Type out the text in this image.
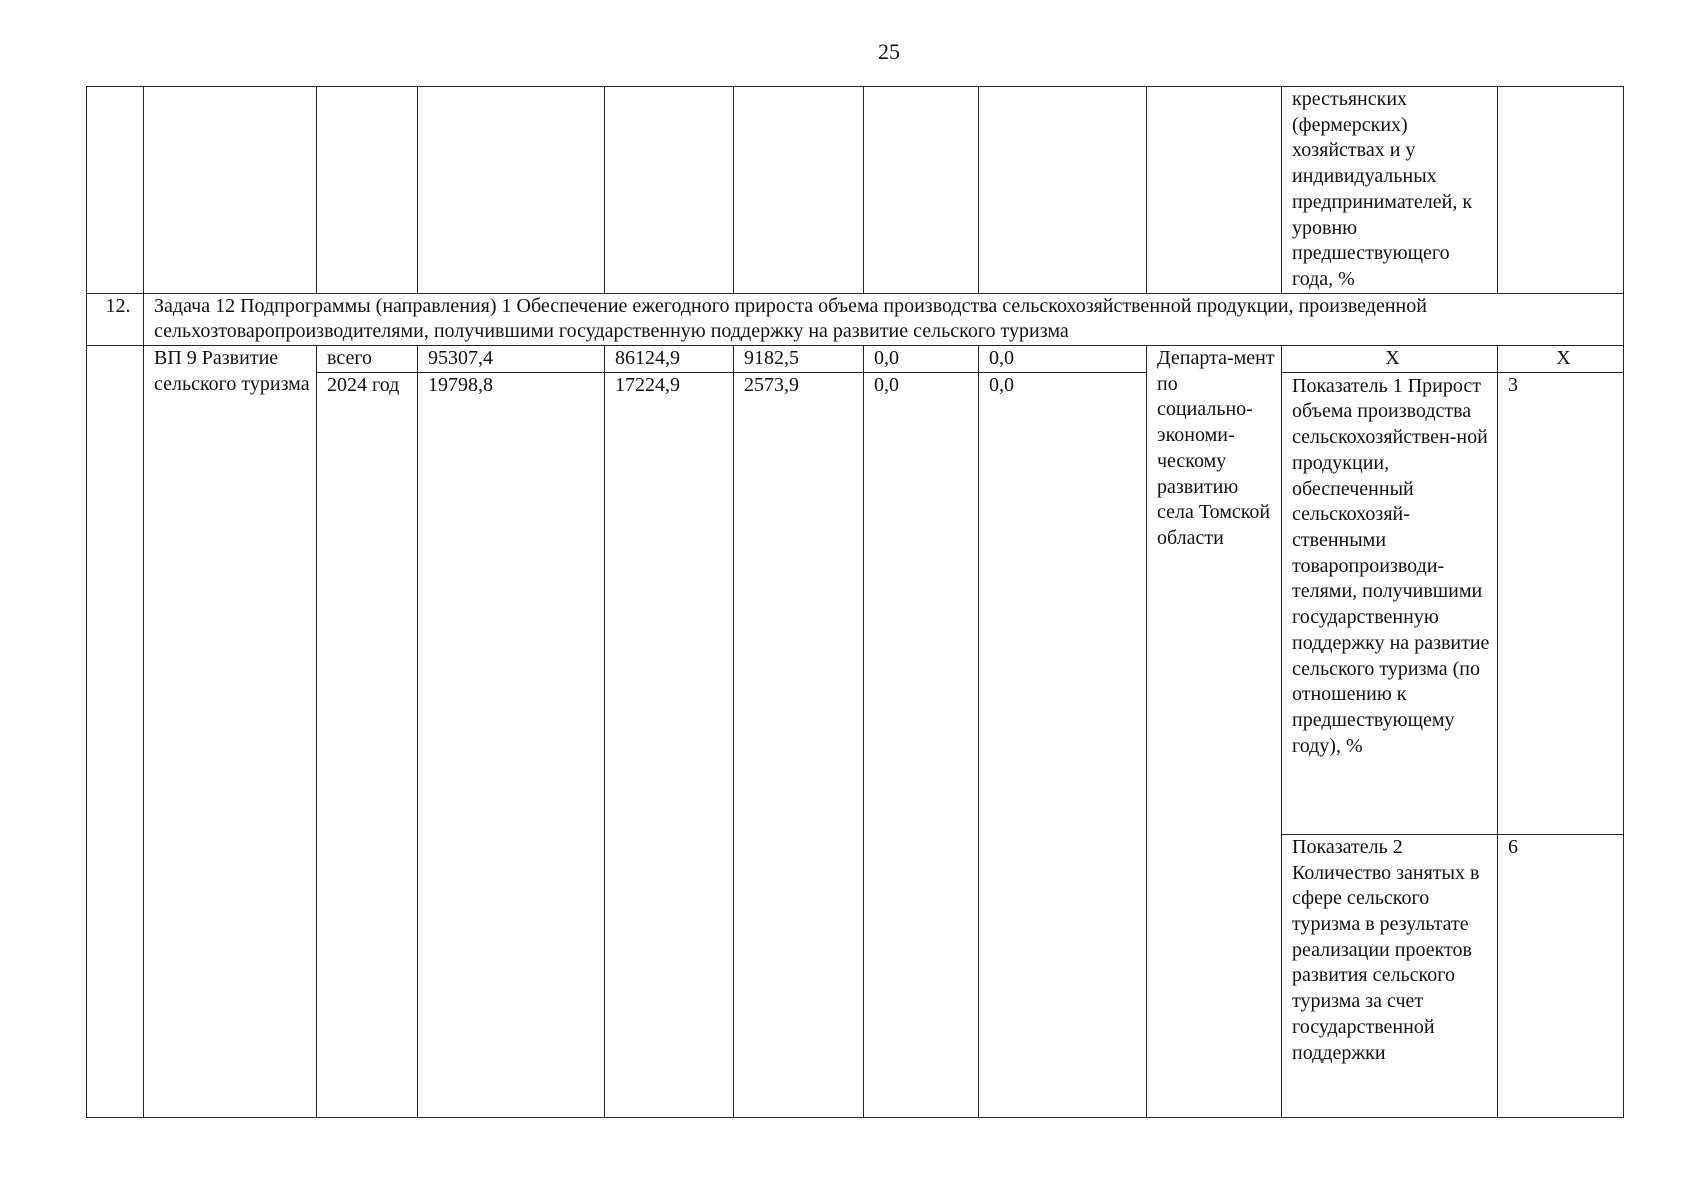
25

									крестьянских (фермерских) хозяйствах и у индивидуальных предпринимателей, к уровню предшествующего года, %	

12.	Задача 12 Подпрограммы (направления) 1 Обеспечение ежегодного прироста объема производства сельскохозяйственной продукции, произведенной сельхозтоваропроизводителями, получившими государственную поддержку на развитие сельского туризма									
	ВП 9 Развитие сельского туризма	всего	95307,4	86124,9	9182,5	0,0	0,0	Департа-мент по социально-экономи-ческому развитию села Томской области	X	X
		2024 год	19798,8	17224,9	2573,9	0,0	0,0		Показатель 1 Прирост объема производства сельскохозяйствен-ной продукции, обеспеченный сельскохозяй-ственными товаропроизводи-телями, получившими государственную поддержку на развитие сельского туризма (по отношению к предшествующему году), %	3

									Показатель 2 Количество занятых в сфере сельского туризма в результате реализации проектов развития сельского туризма за счет государственной поддержки	6
